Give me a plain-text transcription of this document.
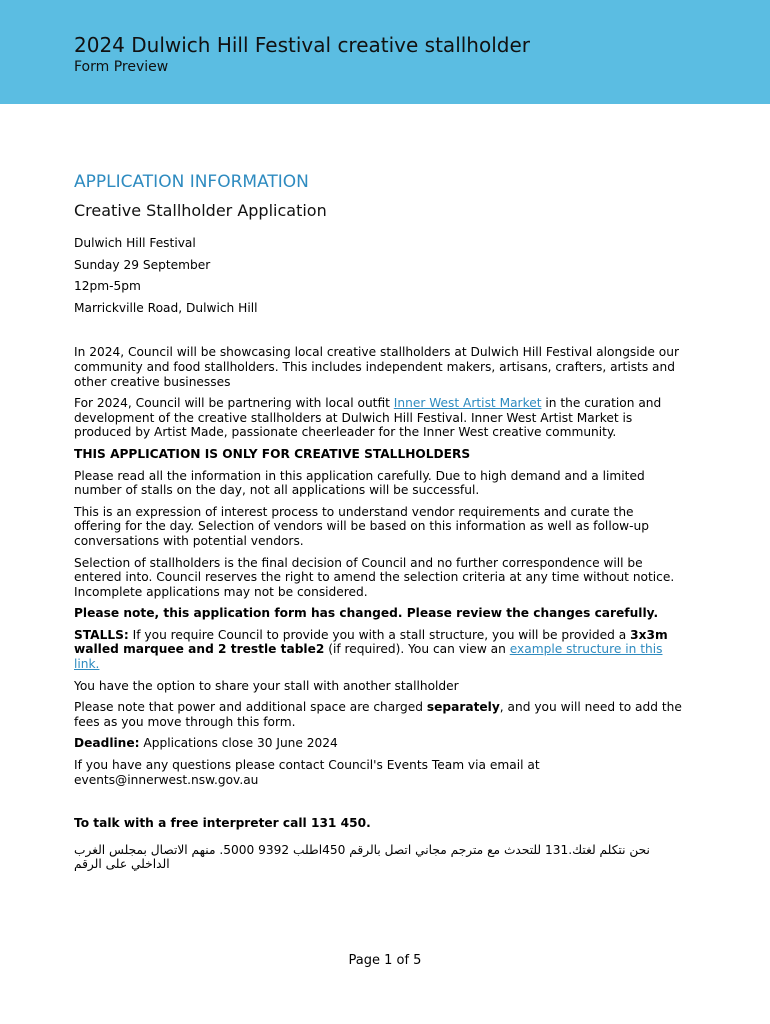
2024 Dulwich Hill Festival creative stallholder
Form Preview
APPLICATION INFORMATION
Creative Stallholder Application

Dulwich Hill Festival

Sunday 29 September

12pm-5pm

Marrickville Road, Dulwich Hill

In 2024, Council will be showcasing local creative stallholders at Dulwich Hill Festival alongside our community and food stallholders. This includes independent makers, artisans, crafters, artists and other creative businesses

For 2024, Council will be partnering with local outfit Inner West Artist Market in the curation and development of the creative stallholders at Dulwich Hill Festival. Inner West Artist Market is produced by Artist Made, passionate cheerleader for the Inner West creative community.

THIS APPLICATION IS ONLY FOR CREATIVE STALLHOLDERS

Please read all the information in this application carefully. Due to high demand and a limited number of stalls on the day, not all applications will be successful.

This is an expression of interest process to understand vendor requirements and curate the offering for the day. Selection of vendors will be based on this information as well as follow-up conversations with potential vendors.

Selection of stallholders is the final decision of Council and no further correspondence will be entered into. Council reserves the right to amend the selection criteria at any time without notice. Incomplete applications may not be considered.

Please note, this application form has changed. Please review the changes carefully.

STALLS: If you require Council to provide you with a stall structure, you will be provided a 3x3m walled marquee and 2 trestle table2 (if required). You can view an example structure in this link.

You have the option to share your stall with another stallholder

Please note that power and additional space are charged separately, and you will need to add the fees as you move through this form.

Deadline: Applications close 30 June 2024

If you have any questions please contact Council's Events Team via email at events@innerwest.nsw.gov.au

To talk with a free interpreter call 131 450.

نحن نتكلم لغتك.131 للتحدث مع مترجم مجاني اتصل بالرقم 450اطلب 9392 5000. منهم الاتصال بمجلس الغرب الداخلي على الرقم

Page 1 of 5
